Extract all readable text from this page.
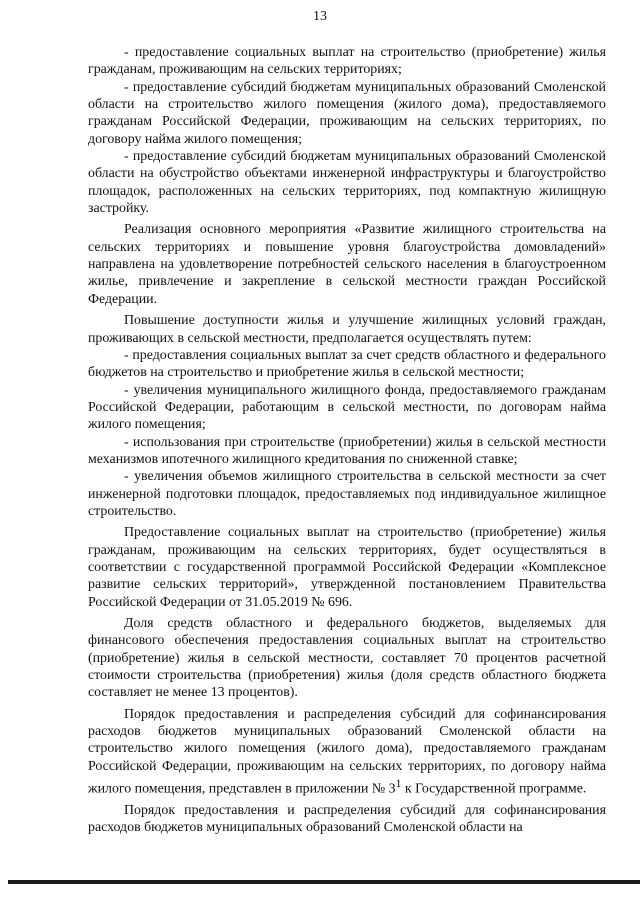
13

- предоставление социальных выплат на строительство (приобретение) жилья гражданам, проживающим на сельских территориях;

- предоставление субсидий бюджетам муниципальных образований Смоленской области на строительство жилого помещения (жилого дома), предоставляемого гражданам Российской Федерации, проживающим на сельских территориях, по договору найма жилого помещения;

- предоставление субсидий бюджетам муниципальных образований Смоленской области на обустройство объектами инженерной инфраструктуры и благоустройство площадок, расположенных на сельских территориях, под компактную жилищную застройку.

Реализация основного мероприятия «Развитие жилищного строительства на сельских территориях и повышение уровня благоустройства домовладений» направлена на удовлетворение потребностей сельского населения в благоустроенном жилье, привлечение и закрепление в сельской местности граждан Российской Федерации.

Повышение доступности жилья и улучшение жилищных условий граждан, проживающих в сельской местности, предполагается осуществлять путем:

- предоставления социальных выплат за счет средств областного и федерального бюджетов на строительство и приобретение жилья в сельской местности;

- увеличения муниципального жилищного фонда, предоставляемого гражданам Российской Федерации, работающим в сельской местности, по договорам найма жилого помещения;

- использования при строительстве (приобретении) жилья в сельской местности механизмов ипотечного жилищного кредитования по сниженной ставке;

- увеличения объемов жилищного строительства в сельской местности за счет инженерной подготовки площадок, предоставляемых под индивидуальное жилищное строительство.

Предоставление социальных выплат на строительство (приобретение) жилья гражданам, проживающим на сельских территориях, будет осуществляться в соответствии с государственной программой Российской Федерации «Комплексное развитие сельских территорий», утвержденной постановлением Правительства Российской Федерации от 31.05.2019 № 696.

Доля средств областного и федерального бюджетов, выделяемых для финансового обеспечения предоставления социальных выплат на строительство (приобретение) жилья в сельской местности, составляет 70 процентов расчетной стоимости строительства (приобретения) жилья (доля средств областного бюджета составляет не менее 13 процентов).

Порядок предоставления и распределения субсидий для софинансирования расходов бюджетов муниципальных образований Смоленской области на строительство жилого помещения (жилого дома), предоставляемого гражданам Российской Федерации, проживающим на сельских территориях, по договору найма жилого помещения, представлен в приложении № $3^1$ к Государственной программе.

Порядок предоставления и распределения субсидий для софинансирования расходов бюджетов муниципальных образований Смоленской области на
